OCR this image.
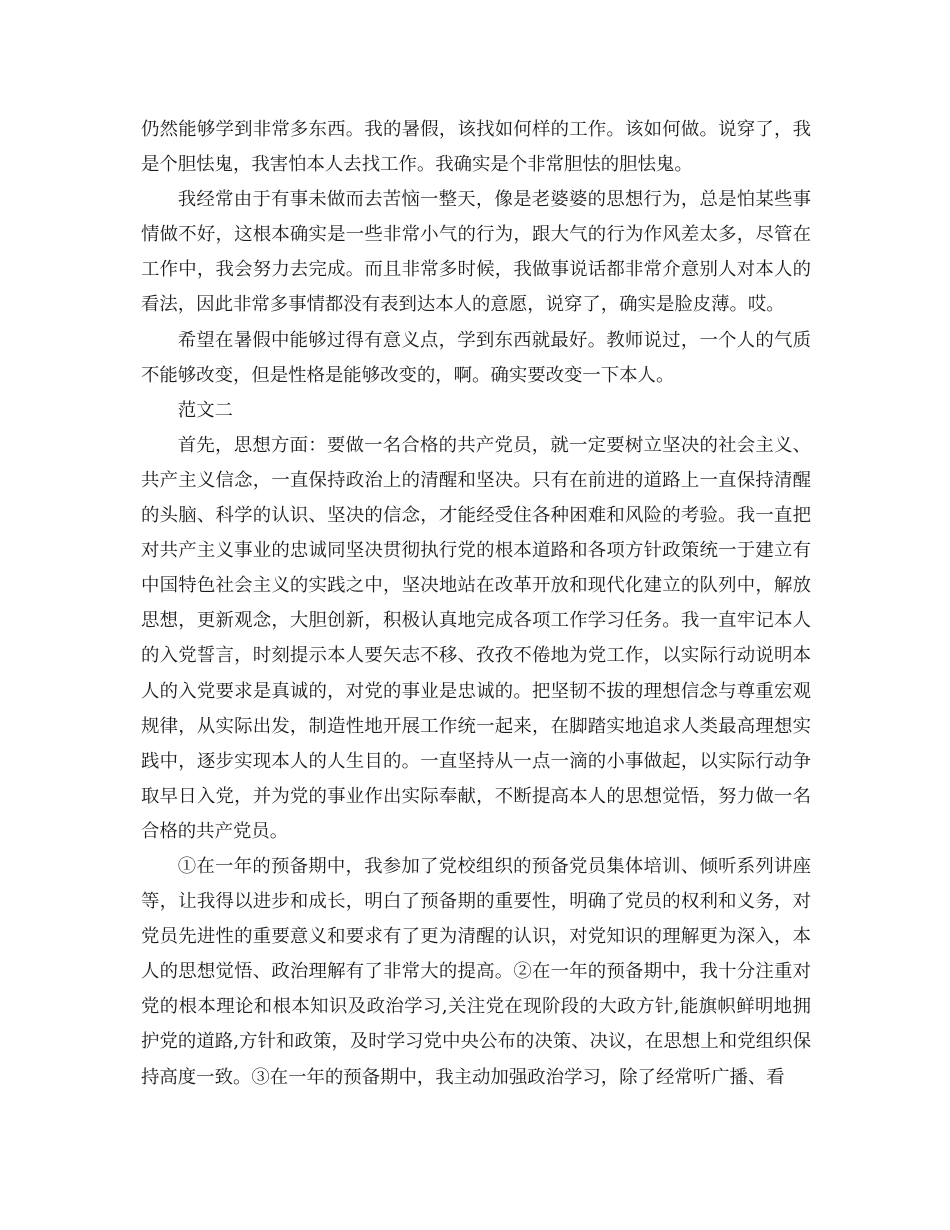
仍然能够学到非常多东西。我的暑假，该找如何样的工作。该如何做。说穿了，我是个胆怯鬼，我害怕本人去找工作。我确实是个非常胆怯的胆怯鬼。

我经常由于有事未做而去苦恼一整天，像是老婆婆的思想行为，总是怕某些事情做不好，这根本确实是一些非常小气的行为，跟大气的行为作风差太多，尽管在工作中，我会努力去完成。而且非常多时候，我做事说话都非常介意别人对本人的看法，因此非常多事情都没有表到达本人的意愿，说穿了，确实是脸皮薄。哎。

希望在暑假中能够过得有意义点，学到东西就最好。教师说过，一个人的气质不能够改变，但是性格是能够改变的，啊。确实要改变一下本人。

范文二

首先，思想方面：要做一名合格的共产党员，就一定要树立坚决的社会主义、共产主义信念，一直保持政治上的清醒和坚决。只有在前进的道路上一直保持清醒的头脑、科学的认识、坚决的信念，才能经受住各种困难和风险的考验。我一直把对共产主义事业的忠诚同坚决贯彻执行党的根本道路和各项方针政策统一于建立有中国特色社会主义的实践之中，坚决地站在改革开放和现代化建立的队列中，解放思想，更新观念，大胆创新，积极认真地完成各项工作学习任务。我一直牢记本人的入党誓言，时刻提示本人要矢志不移、孜孜不倦地为党工作，以实际行动说明本人的入党要求是真诚的，对党的事业是忠诚的。把坚韧不拔的理想信念与尊重宏观规律，从实际出发，制造性地开展工作统一起来，在脚踏实地追求人类最高理想实践中，逐步实现本人的人生目的。一直坚持从一点一滴的小事做起，以实际行动争取早日入党，并为党的事业作出实际奉献，不断提高本人的思想觉悟，努力做一名合格的共产党员。

①在一年的预备期中，我参加了党校组织的预备党员集体培训、倾听系列讲座等，让我得以进步和成长，明白了预备期的重要性，明确了党员的权利和义务，对党员先进性的重要意义和要求有了更为清醒的认识，对党知识的理解更为深入，本人的思想觉悟、政治理解有了非常大的提高。②在一年的预备期中，我十分注重对党的根本理论和根本知识及政治学习,关注党在现阶段的大政方针,能旗帜鲜明地拥护党的道路,方针和政策，及时学习党中央公布的决策、决议，在思想上和党组织保持高度一致。③在一年的预备期中，我主动加强政治学习，除了经常听广播、看
